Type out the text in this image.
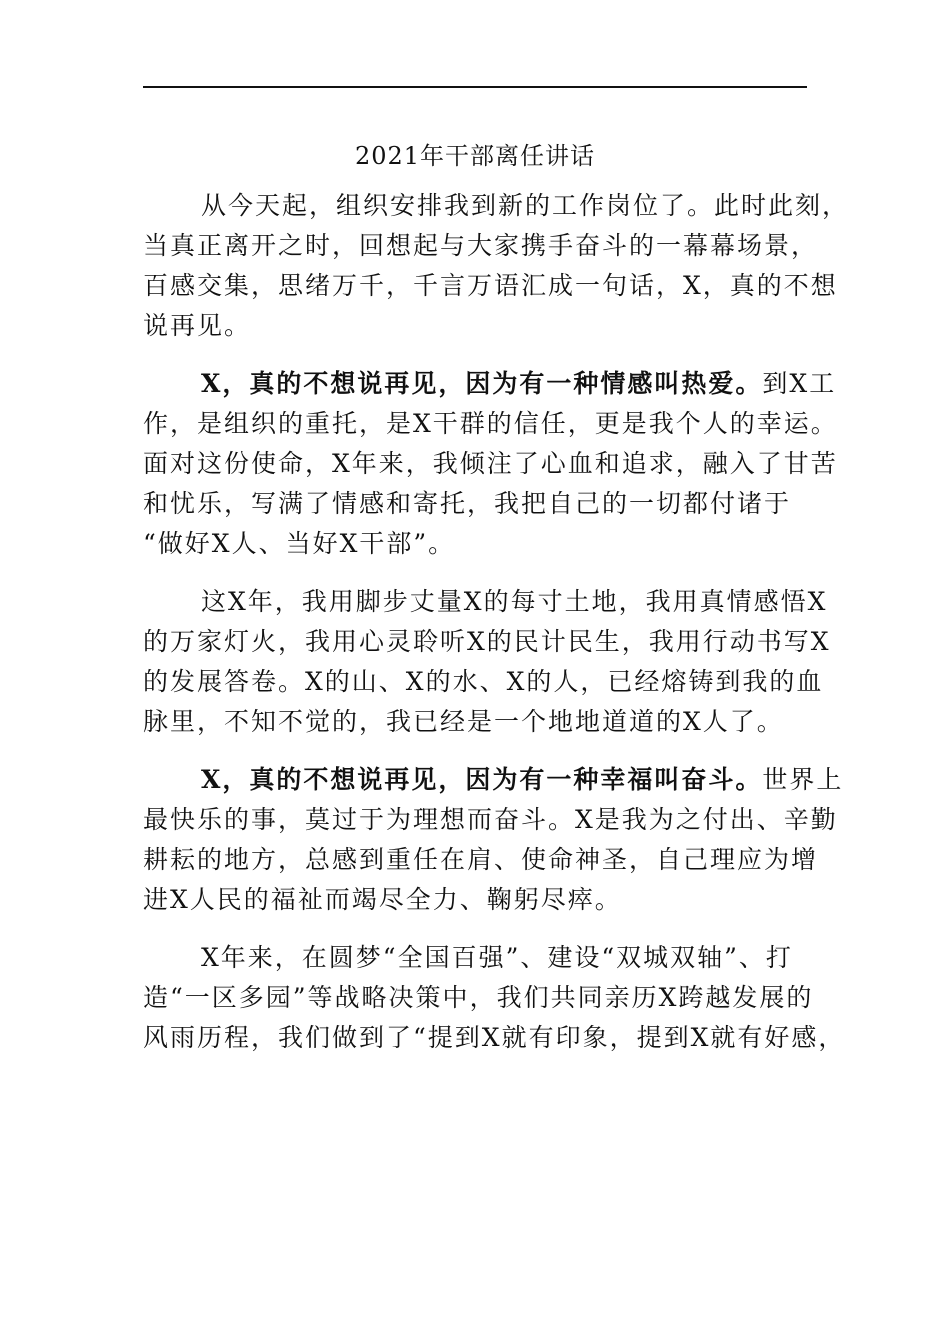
2021年干部离任讲话
从今天起，组织安排我到新的工作岗位了。此时此刻，
当真正离开之时，回想起与大家携手奋斗的一幕幕场景，
百感交集，思绪万千，千言万语汇成一句话，X，真的不想
说再见。
X，真的不想说再见，因为有一种情感叫热爱。到X工
作，是组织的重托，是X干群的信任，更是我个人的幸运。
面对这份使命，X年来，我倾注了心血和追求，融入了甘苦
和忧乐，写满了情感和寄托，我把自己的一切都付诸于
“做好X人、当好X干部”。
这X年，我用脚步丈量X的每寸土地，我用真情感悟X
的万家灯火，我用心灵聆听X的民计民生，我用行动书写X
的发展答卷。X的山、X的水、X的人，已经熔铸到我的血
脉里，不知不觉的，我已经是一个地地道道的X人了。
X，真的不想说再见，因为有一种幸福叫奋斗。世界上
最快乐的事，莫过于为理想而奋斗。X是我为之付出、辛勤
耕耘的地方，总感到重任在肩、使命神圣，自己理应为增
进X人民的福祉而竭尽全力、鞠躬尽瘁。
X年来，在圆梦“全国百强”、建设“双城双轴”、打
造“一区多园”等战略决策中，我们共同亲历X跨越发展的
风雨历程，我们做到了“提到X就有印象，提到X就有好感，
